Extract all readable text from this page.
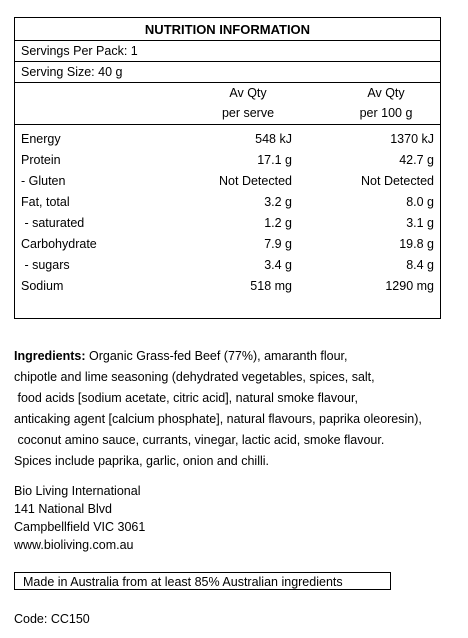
NUTRITION INFORMATION
Servings Per Pack: 1
Serving Size: 40 g
Av Qty
per serve
Av Qty
per 100 g
Energy	548 kJ	1370 kJ
Protein	17.1 g	42.7 g
- Gluten	Not Detected	Not Detected
Fat, total	3.2 g	8.0 g
- saturated	1.2 g	3.1 g
Carbohydrate	7.9 g	19.8 g
- sugars	3.4 g	8.4 g
Sodium	518 mg	1290 mg
Ingredients: Organic Grass-fed Beef (77%), amaranth flour,
chipotle and lime seasoning (dehydrated vegetables, spices, salt,
food acids [sodium acetate, citric acid], natural smoke flavour,
anticaking agent [calcium phosphate], natural flavours, paprika oleoresin),
coconut amino sauce, currants, vinegar, lactic acid, smoke flavour.
Spices include paprika, garlic, onion and chilli.
Bio Living International
141 National Blvd
Campbellfield VIC 3061
www.bioliving.com.au
Made in Australia from at least 85% Australian ingredients
Code: CC150
